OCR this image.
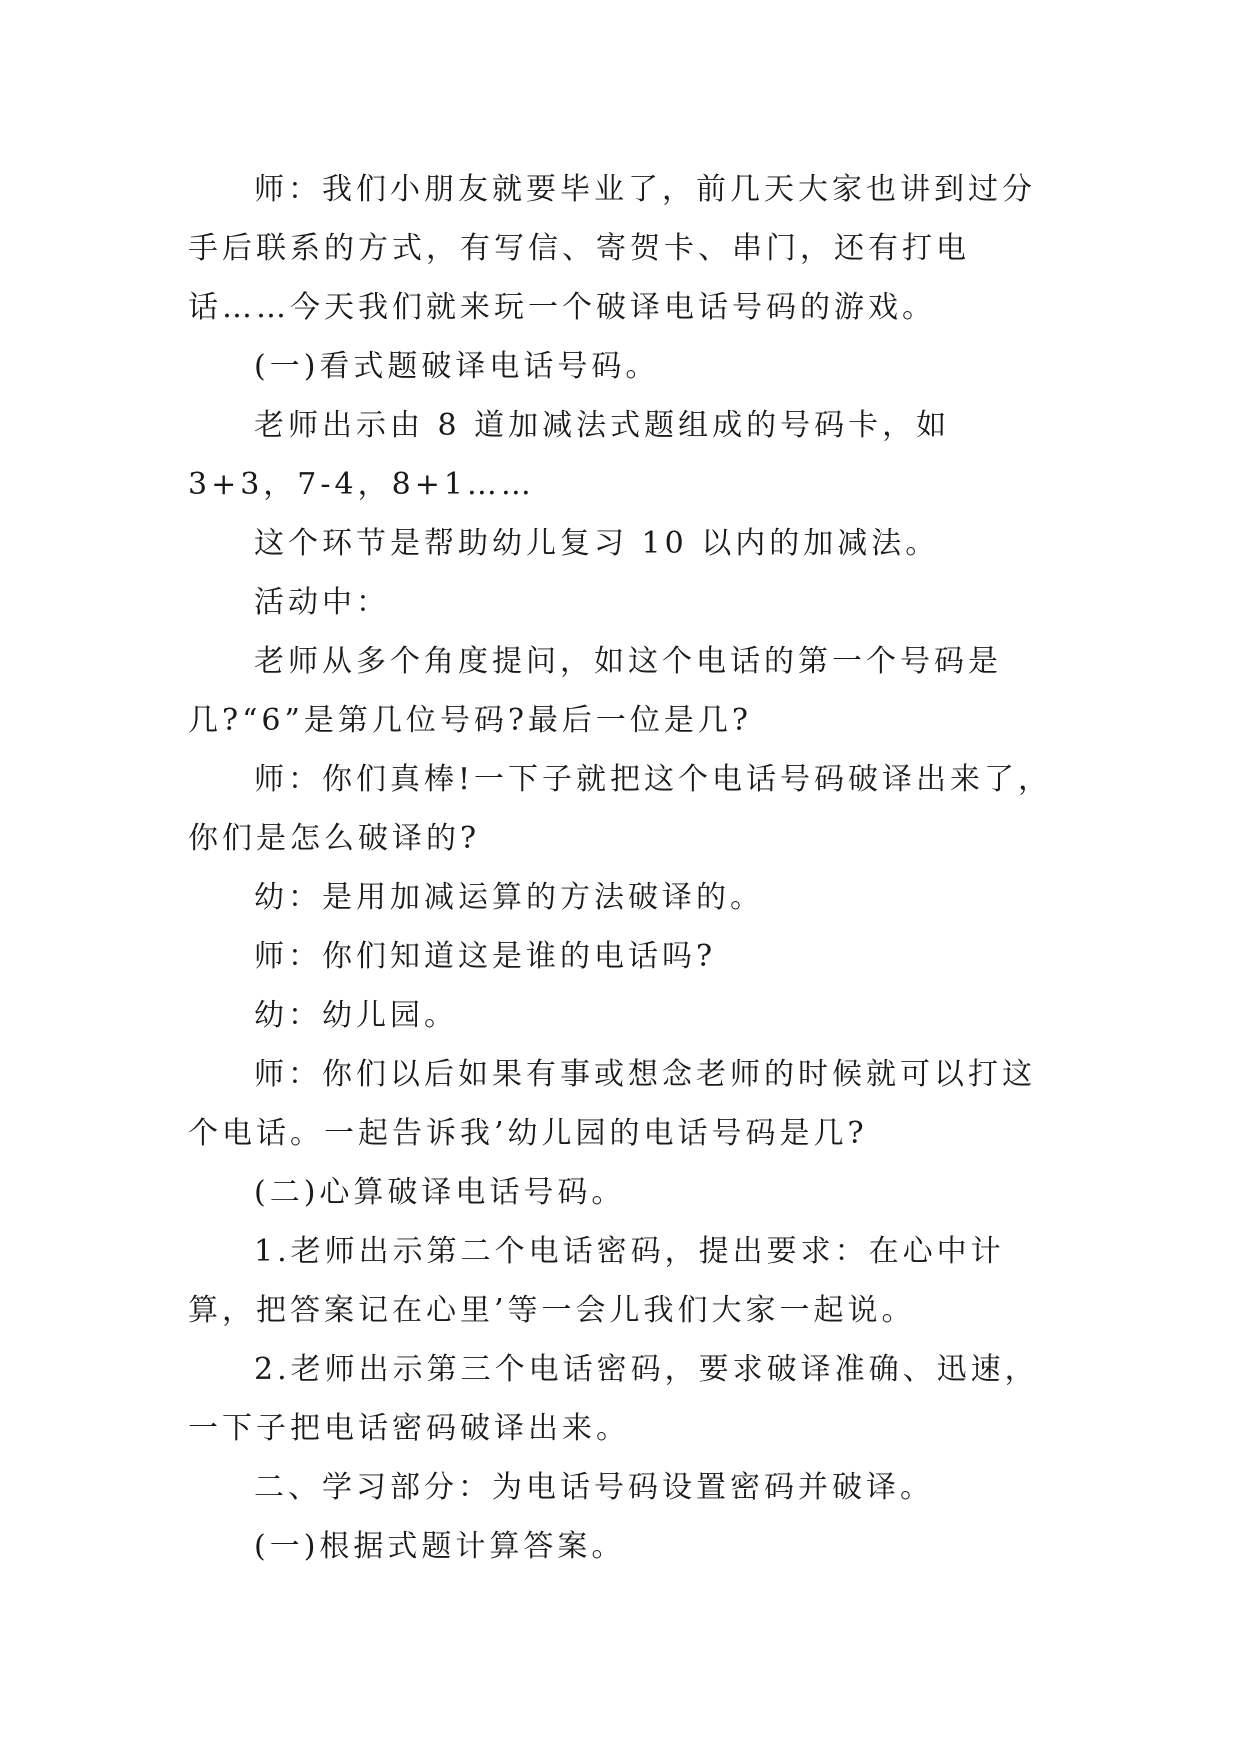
师：我们小朋友就要毕业了，前几天大家也讲到过分手后联系的方式，有写信、寄贺卡、串门，还有打电话……今天我们就来玩一个破译电话号码的游戏。

(一)看式题破译电话号码。

老师出示由 8 道加减法式题组成的号码卡，如 3+3，7-4，8+1……

这个环节是帮助幼儿复习 10 以内的加减法。

活动中：

老师从多个角度提问，如这个电话的第一个号码是几?“6”是第几位号码?最后一位是几?

师：你们真棒!一下子就把这个电话号码破译出来了，你们是怎么破译的?

幼：是用加减运算的方法破译的。

师：你们知道这是谁的电话吗?

幼：幼儿园。

师：你们以后如果有事或想念老师的时候就可以打这个电话。一起告诉我’幼儿园的电话号码是几?

(二)心算破译电话号码。

1.老师出示第二个电话密码，提出要求：在心中计算，把答案记在心里’等一会儿我们大家一起说。

2.老师出示第三个电话密码，要求破译准确、迅速，一下子把电话密码破译出来。

二、学习部分：为电话号码设置密码并破译。

(一)根据式题计算答案。
